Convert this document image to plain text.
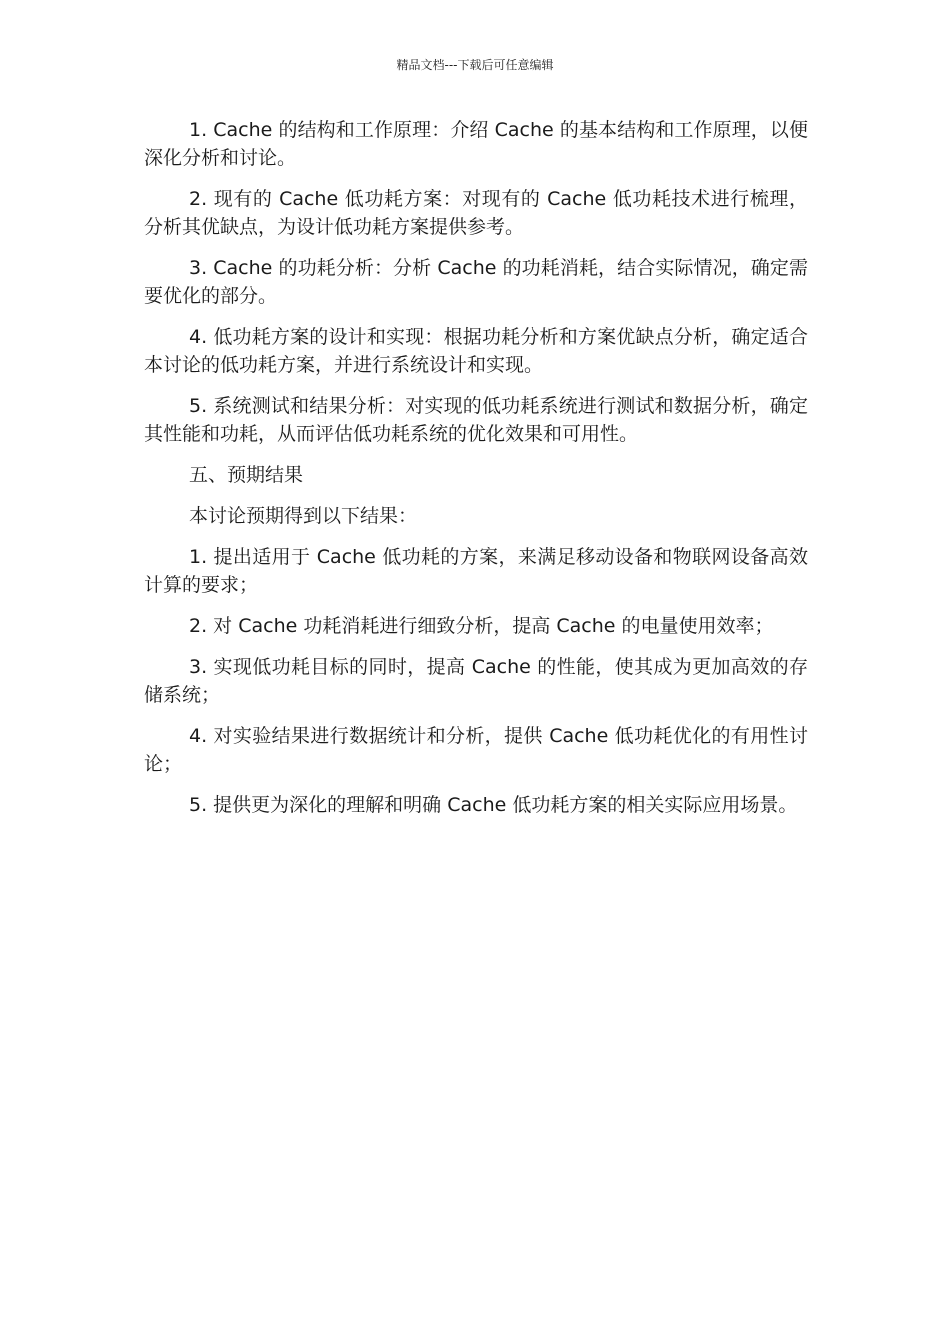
精品文档---下载后可任意编辑

1. Cache 的结构和工作原理：介绍 Cache 的基本结构和工作原理，以便深化分析和讨论。

2. 现有的 Cache 低功耗方案：对现有的 Cache 低功耗技术进行梳理，分析其优缺点，为设计低功耗方案提供参考。

3. Cache 的功耗分析：分析 Cache 的功耗消耗，结合实际情况，确定需要优化的部分。

4. 低功耗方案的设计和实现：根据功耗分析和方案优缺点分析，确定适合本讨论的低功耗方案，并进行系统设计和实现。

5. 系统测试和结果分析：对实现的低功耗系统进行测试和数据分析，确定其性能和功耗，从而评估低功耗系统的优化效果和可用性。

五、预期结果

本讨论预期得到以下结果：

1. 提出适用于 Cache 低功耗的方案，来满足移动设备和物联网设备高效计算的要求；

2. 对 Cache 功耗消耗进行细致分析，提高 Cache 的电量使用效率；

3. 实现低功耗目标的同时，提高 Cache 的性能，使其成为更加高效的存储系统；

4. 对实验结果进行数据统计和分析，提供 Cache 低功耗优化的有用性讨论；

5. 提供更为深化的理解和明确 Cache 低功耗方案的相关实际应用场景。
